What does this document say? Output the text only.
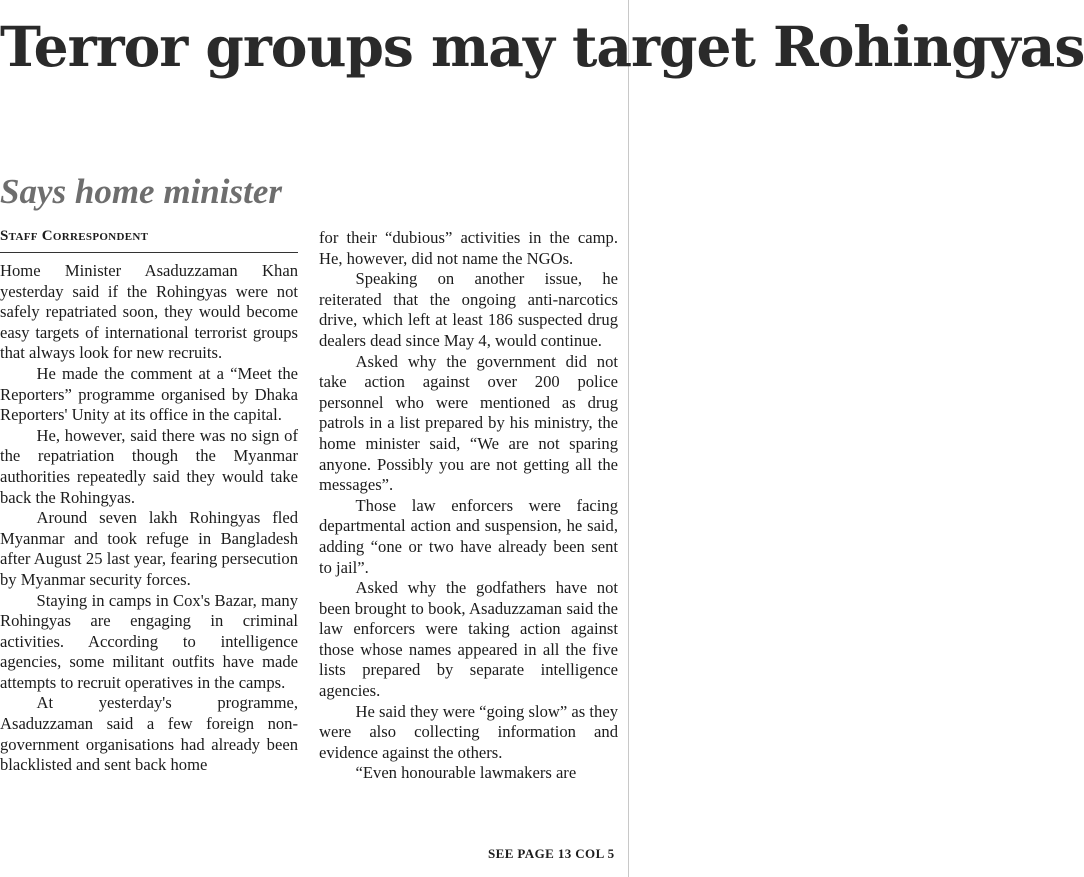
Terror groups may target Rohingyas
Says home minister
Staff Correspondent

Home Minister Asaduzzaman Khan yesterday said if the Rohingyas were not safely repatriated soon, they would become easy targets of international terrorist groups that always look for new recruits.

He made the comment at a “Meet the Reporters” programme organised by Dhaka Reporters' Unity at its office in the capital.

He, however, said there was no sign of the repatriation though the Myanmar authorities repeatedly said they would take back the Rohingyas.

Around seven lakh Rohingyas fled Myanmar and took refuge in Bangladesh after August 25 last year, fearing persecution by Myanmar security forces.

Staying in camps in Cox's Bazar, many Rohingyas are engaging in criminal activities. According to intelligence agencies, some militant outfits have made attempts to recruit operatives in the camps.

At yesterday's programme, Asaduzzaman said a few foreign non-government organisations had already been blacklisted and sent back home

for their “dubious” activities in the camp. He, however, did not name the NGOs.

Speaking on another issue, he reiterated that the ongoing anti-narcotics drive, which left at least 186 suspected drug dealers dead since May 4, would continue.

Asked why the government did not take action against over 200 police personnel who were mentioned as drug patrols in a list prepared by his ministry, the home minister said, “We are not sparing anyone. Possibly you are not getting all the messages”.

Those law enforcers were facing departmental action and suspension, he said, adding “one or two have already been sent to jail”.

Asked why the godfathers have not been brought to book, Asaduzzaman said the law enforcers were taking action against those whose names appeared in all the five lists prepared by separate intelligence agencies.

He said they were “going slow” as they were also collecting information and evidence against the others.

“Even honourable lawmakers are

SEE PAGE 13 COL 5
